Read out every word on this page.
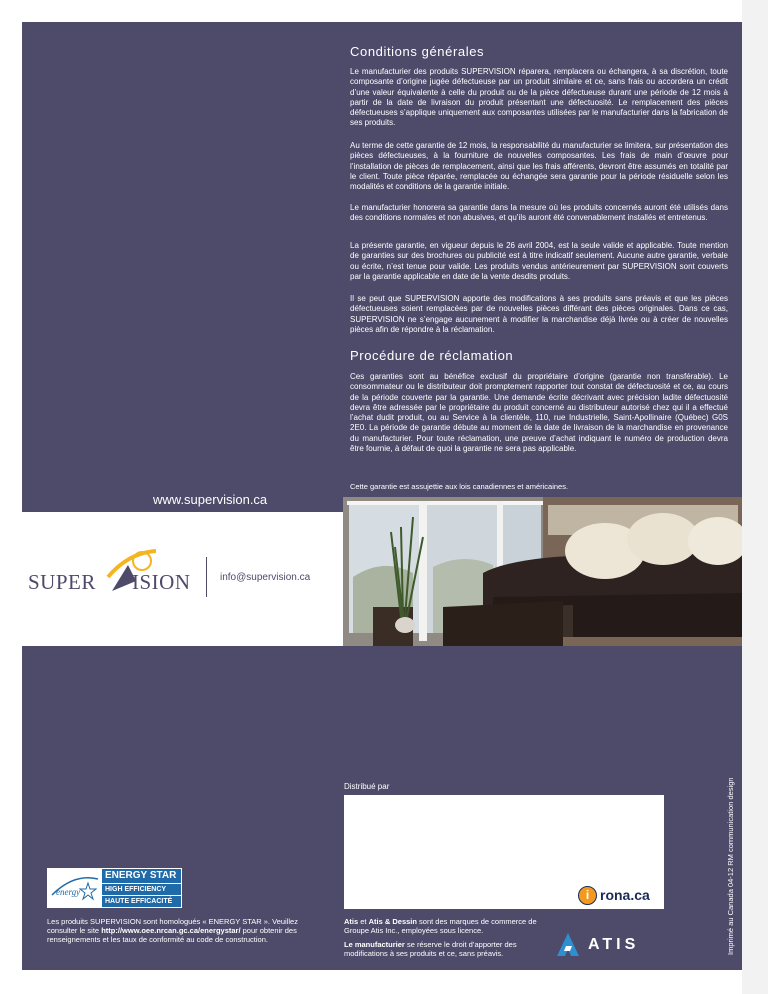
Conditions générales

Le manufacturier des produits SUPERVISION réparera, remplacera ou échangera, à sa discrétion, toute composante d’origine jugée défectueuse par un produit similaire et ce, sans frais ou accordera un crédit d’une valeur équivalente à celle du produit ou de la pièce défectueuse durant une période de 12 mois à partir de la date de livraison du produit présentant une défectuosité. Le remplacement des pièces défectueuses s’applique uniquement aux composantes utilisées par le manufacturier dans la fabrication de ses produits.

Au terme de cette garantie de 12 mois, la responsabilité du manufacturier se limitera, sur présentation des pièces défectueuses, à la fourniture de nouvelles composantes. Les frais de main d’œuvre pour l’installation de pièces de remplacement, ainsi que les frais afférents, devront être assumés en totalité par le client. Toute pièce réparée, remplacée ou échangée sera garantie pour la période résiduelle selon les modalités et conditions de la garantie initiale.

Le manufacturier honorera sa garantie dans la mesure où les produits concernés auront été utilisés dans des conditions normales et non abusives, et qu’ils auront été convenablement installés et entretenus.

La présente garantie, en vigueur depuis le 26 avril 2004, est la seule valide et applicable. Toute mention de garanties sur des brochures ou publicité est à titre indicatif seulement. Aucune autre garantie, verbale ou écrite, n’est tenue pour valide. Les produits vendus antérieurement par SUPERVISION sont couverts par la garantie applicable en date de la vente desdits produits.

Il se peut que SUPERVISION apporte des modifications à ses produits sans préavis et que les pièces défectueuses soient remplacées par de nouvelles pièces différant des pièces originales. Dans ce cas, SUPERVISION ne s’engage aucunement à modifier la marchandise déjà livrée ou à créer de nouvelles pièces afin de répondre à la réclamation.

Procédure de réclamation

Ces garanties sont au bénéfice exclusif du propriétaire d’origine (garantie non transférable). Le consommateur ou le distributeur doit promptement rapporter tout constat de défectuosité et ce, au cours de la période couverte par la garantie. Une demande écrite décrivant avec précision ladite défectuosité devra être adressée par le propriétaire du produit concerné au distributeur autorisé chez qui il a effectué l’achat dudit produit, ou au Service à la clientèle, 110, rue Industrielle, Saint-Apollinaire (Québec) G0S 2E0. La période de garantie débute au moment de la date de livraison de la marchandise en provenance du manufacturier. Pour toute réclamation, une preuve d’achat indiquant le numéro de production devra être fournie, à défaut de quoi la garantie ne sera pas applicable.

Cette garantie est assujettie aux lois canadiennes et américaines.

www.supervision.ca
SUPER ISION	info@supervision.ca
Distribué par
i rona.ca
energy
ENERGY STAR
HIGH EFFICIENCY
HAUTE EFFICACITÉ

Les produits SUPERVISION sont homologués « ENERGY STAR ». Veuillez consulter le site http://www.oee.nrcan.gc.ca/energystar/ pour obtenir des renseignements et les taux de conformité au code de construction.

Atis et Atis & Dessin sont des marques de commerce de Groupe Atis Inc., employées sous licence.

Le manufacturier se réserve le droit d’apporter des modifications à ses produits et ce, sans préavis.

ATIS	Imprimé au Canada 04-12 RM communication design
